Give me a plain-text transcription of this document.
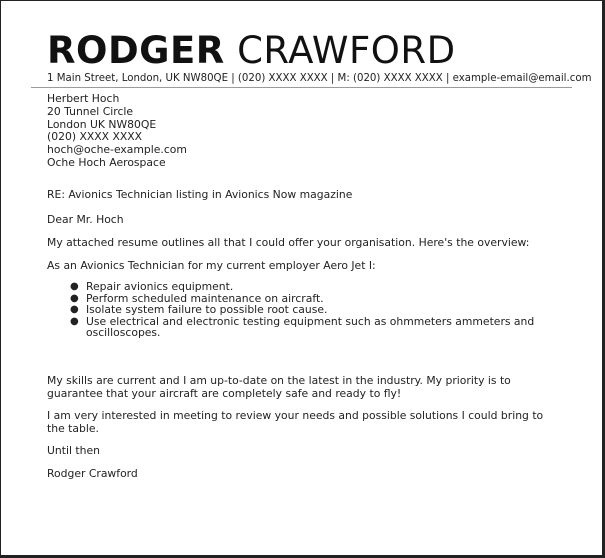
RODGER CRAWFORD
1 Main Street, London, UK NW80QE | (020) XXXX XXXX | M: (020) XXXX XXXX | example-email@email.com
Herbert Hoch
20 Tunnel Circle
London UK NW80QE
(020) XXXX XXXX
hoch@oche-example.com
Oche Hoch Aerospace
RE: Avionics Technician listing in Avionics Now magazine
Dear Mr. Hoch
My attached resume outlines all that I could offer your organisation. Here's the overview:
As an Avionics Technician for my current employer Aero Jet I:
● Repair avionics equipment.
● Perform scheduled maintenance on aircraft.
● Isolate system failure to possible root cause.
● Use electrical and electronic testing equipment such as ohmmeters ammeters and oscilloscopes.
My skills are current and I am up-to-date on the latest in the industry. My priority is to guarantee that your aircraft are completely safe and ready to fly!
I am very interested in meeting to review your needs and possible solutions I could bring to the table.
Until then
Rodger Crawford
